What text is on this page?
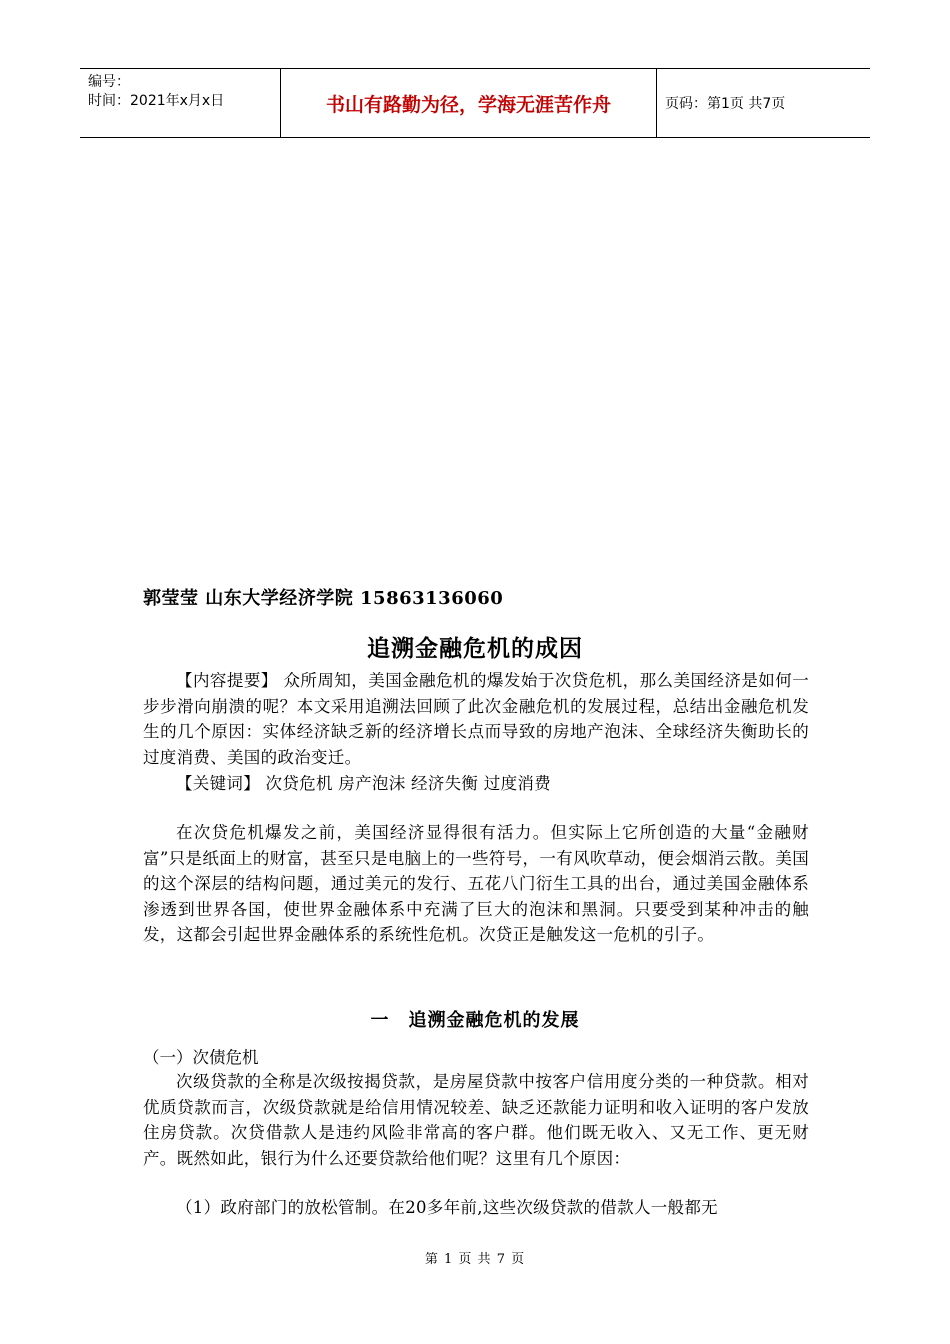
编号：
时间：2021年x月x日	书山有路勤为径，学海无涯苦作舟	页码：第1页 共7页
郭莹莹 山东大学经济学院 15863136060
追溯金融危机的成因
【内容提要】 众所周知，美国金融危机的爆发始于次贷危机，那么美国经济是如何一步步滑向崩溃的呢？本文采用追溯法回顾了此次金融危机的发展过程，总结出金融危机发生的几个原因：实体经济缺乏新的经济增长点而导致的房地产泡沫、全球经济失衡助长的过度消费、美国的政治变迁。
【关键词】 次贷危机 房产泡沫 经济失衡 过度消费
在次贷危机爆发之前，美国经济显得很有活力。但实际上它所创造的大量“金融财富”只是纸面上的财富，甚至只是电脑上的一些符号，一有风吹草动，便会烟消云散。美国的这个深层的结构问题，通过美元的发行、五花八门衍生工具的出台，通过美国金融体系渗透到世界各国，使世界金融体系中充满了巨大的泡沫和黑洞。只要受到某种冲击的触发，这都会引起世界金融体系的系统性危机。次贷正是触发这一危机的引子。
一　追溯金融危机的发展
（一）次债危机
次级贷款的全称是次级按揭贷款，是房屋贷款中按客户信用度分类的一种贷款。相对优质贷款而言，次级贷款就是给信用情况较差、缺乏还款能力证明和收入证明的客户发放住房贷款。次贷借款人是违约风险非常高的客户群。他们既无收入、又无工作、更无财产。既然如此，银行为什么还要贷款给他们呢？这里有几个原因：
（1）政府部门的放松管制。在20多年前,这些次级贷款的借款人一般都无
第 1 页 共 7 页
